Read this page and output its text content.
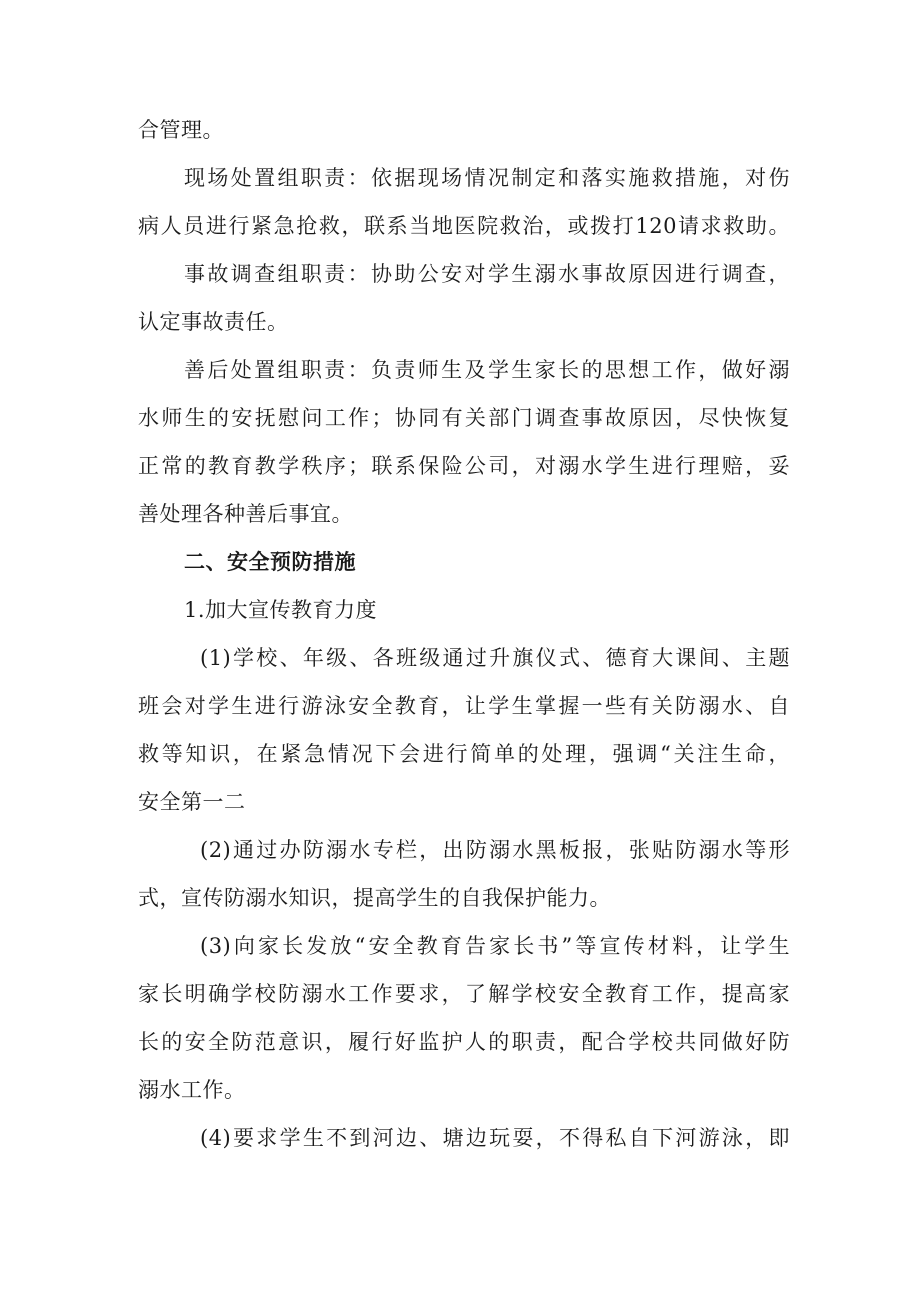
合管理。
现场处置组职责：依据现场情况制定和落实施救措施，对伤
病人员进行紧急抢救，联系当地医院救治，或拨打120请求救助。
事故调查组职责：协助公安对学生溺水事故原因进行调查，
认定事故责任。
善后处置组职责：负责师生及学生家长的思想工作，做好溺
水师生的安抚慰问工作；协同有关部门调查事故原因，尽快恢复
正常的教育教学秩序；联系保险公司，对溺水学生进行理赔，妥
善处理各种善后事宜。
二、安全预防措施
1.加大宣传教育力度
(1)学校、年级、各班级通过升旗仪式、德育大课间、主题
班会对学生进行游泳安全教育，让学生掌握一些有关防溺水、自
救等知识，在紧急情况下会进行简单的处理，强调“关注生命，
安全第一二
(2)通过办防溺水专栏，出防溺水黑板报，张贴防溺水等形
式，宣传防溺水知识，提高学生的自我保护能力。
(3)向家长发放“安全教育告家长书”等宣传材料，让学生
家长明确学校防溺水工作要求，了解学校安全教育工作，提高家
长的安全防范意识，履行好监护人的职责，配合学校共同做好防
溺水工作。
(4)要求学生不到河边、塘边玩耍，不得私自下河游泳，即
